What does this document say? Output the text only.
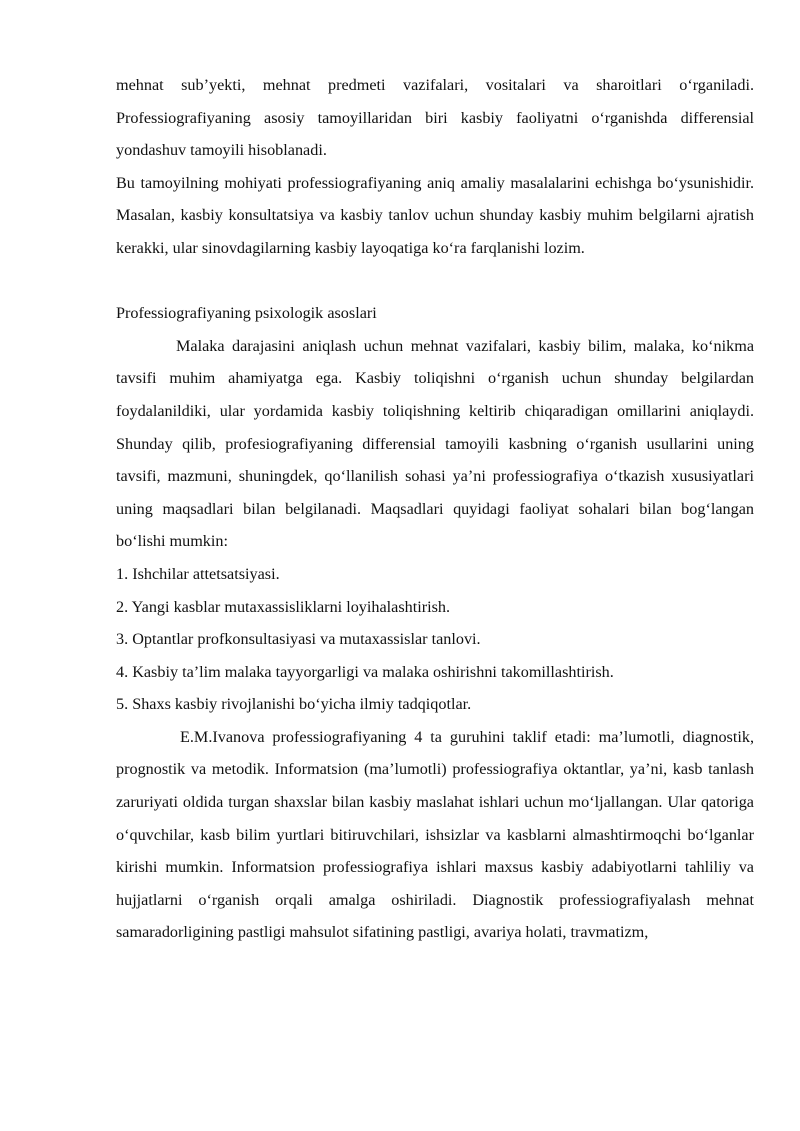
mehnat sub’yekti, mehnat predmeti vazifalari, vositalari va sharoitlari o‘rganiladi. Professiografiyaning asosiy tamoyillaridan biri kasbiy faoliyatni o‘rganishda differensial yondashuv tamoyili hisoblanadi.

Bu tamoyilning mohiyati professiografiyaning aniq amaliy masalalarini echishga bo‘ysunishidir. Masalan, kasbiy konsultatsiya va kasbiy tanlov uchun shunday kasbiy muhim belgilarni ajratish kerakki, ular sinovdagilarning kasbiy layoqatiga ko‘ra farqlanishi lozim.

Professiografiyaning psixologik asoslari

Malaka darajasini aniqlash uchun mehnat vazifalari, kasbiy bilim, malaka, ko‘nikma tavsifi muhim ahamiyatga ega. Kasbiy toliqishni o‘rganish uchun shunday belgilardan foydalanildiki, ular yordamida kasbiy toliqishning keltirib chiqaradigan omillarini aniqlaydi. Shunday qilib, profesiografiyaning differensial tamoyili kasbning o‘rganish usullarini uning tavsifi, mazmuni, shuningdek, qo‘llanilish sohasi ya’ni professiografiya o‘tkazish xususiyatlari uning maqsadlari bilan belgilanadi. Maqsadlari quyidagi faoliyat sohalari bilan bog‘langan bo‘lishi mumkin:

1. Ishchilar attetsatsiyasi.
2. Yangi kasblar mutaxassisliklarni loyihalashtirish.
3. Optantlar profkonsultasiyasi va mutaxassislar tanlovi.
4. Kasbiy ta’lim malaka tayyorgarligi va malaka oshirishni takomillashtirish.
5. Shaxs kasbiy rivojlanishi bo‘yicha ilmiy tadqiqotlar.

E.M.Ivanova professiografiyaning 4 ta guruhini taklif etadi: ma’lumotli, diagnostik, prognostik va metodik. Informatsion (ma’lumotli) professiografiya oktantlar, ya’ni, kasb tanlash zaruriyati oldida turgan shaxslar bilan kasbiy maslahat ishlari uchun mo‘ljallangan. Ular qatoriga o‘quvchilar, kasb bilim yurtlari bitiruvchilari, ishsizlar va kasblarni almashtirmoqchi bo‘lganlar kirishi mumkin. Informatsion professiografiya ishlari maxsus kasbiy adabiyotlarni tahliliy va hujjatlarni o‘rganish orqali amalga oshiriladi. Diagnostik professiografiyalash mehnat samaradorligining pastligi mahsulot sifatining pastligi, avariya holati, travmatizm,
